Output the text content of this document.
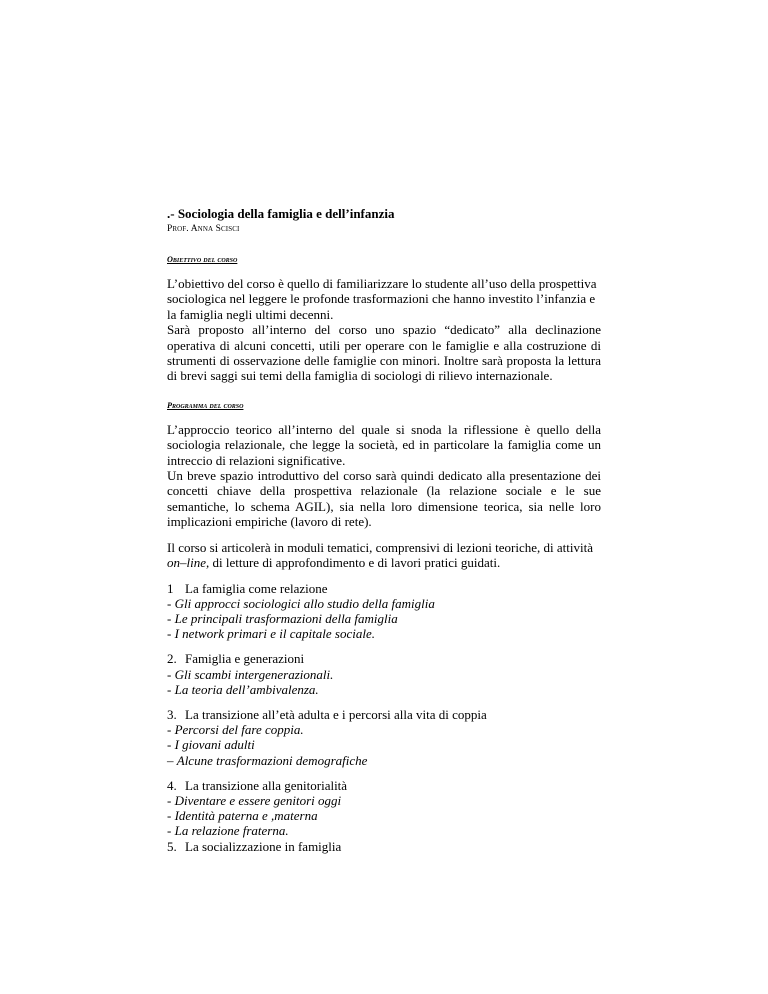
.- Sociologia della famiglia e dell’infanzia

Prof. Anna Scisci

Obiettivo del corso

L’obiettivo del corso è quello di familiarizzare lo studente all’uso della prospettiva sociologica nel leggere le profonde trasformazioni che hanno investito l’infanzia e la famiglia negli ultimi decenni.

Sarà proposto all’interno del corso uno spazio “dedicato” alla declinazione operativa di alcuni concetti, utili per operare con le famiglie e alla costruzione di strumenti di osservazione delle famiglie con minori. Inoltre sarà proposta la lettura di brevi saggi sui temi della famiglia di sociologi di rilievo internazionale.

Programma del corso

L’approccio teorico all’interno del quale si snoda la riflessione è quello della sociologia relazionale, che legge la società, ed in particolare la famiglia come un intreccio di relazioni significative.

Un breve spazio introduttivo del corso sarà quindi dedicato alla presentazione dei concetti chiave della prospettiva relazionale (la relazione sociale e le sue semantiche, lo schema AGIL), sia nella loro dimensione teorica, sia nelle loro implicazioni empiriche (lavoro di rete).

Il corso si articolerà in moduli tematici, comprensivi di lezioni teoriche, di attività on–line, di letture di approfondimento e di lavori pratici guidati.

1 La famiglia come relazione

- Gli approcci sociologici allo studio della famiglia

- Le principali trasformazioni della famiglia

- I network primari e il capitale sociale.

2. Famiglia e generazioni

- Gli scambi intergenerazionali.

- La teoria dell’ambivalenza.

3. La transizione all’età adulta e i percorsi alla vita di coppia

- Percorsi del fare coppia.

- I giovani adulti

– Alcune trasformazioni demografiche

4. La transizione alla genitorialità

- Diventare e essere genitori oggi

- Identità paterna e ,materna

- La relazione fraterna.

5. La socializzazione in famiglia
